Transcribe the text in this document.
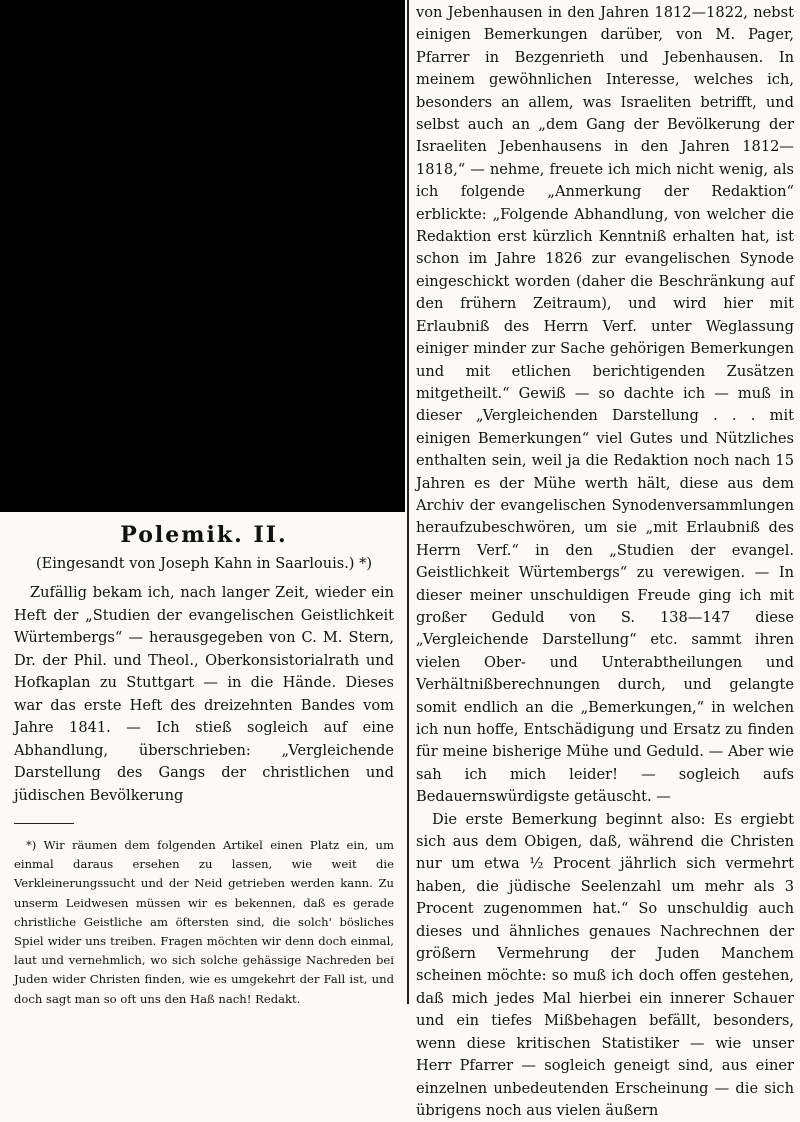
Polemik. II.
(Eingesandt von Joseph Kahn in Saarlouis.) *)

Zufällig bekam ich, nach langer Zeit, wieder ein Heft der „Studien der evangelischen Geistlichkeit Würtembergs“ — herausgegeben von C. M. Stern, Dr. der Phil. und Theol., Oberkonsistorialrath und Hofkaplan zu Stuttgart — in die Hände. Dieses war das erste Heft des dreizehnten Bandes vom Jahre 1841. — Ich stieß sogleich auf eine Abhandlung, überschrieben: „Vergleichende Darstellung des Gangs der christlichen und jüdischen Bevölkerung

*) Wir räumen dem folgenden Artikel einen Platz ein, um einmal daraus ersehen zu lassen, wie weit die Verkleinerungssucht und der Neid getrieben werden kann. Zu unserm Leidwesen müssen wir es bekennen, daß es gerade christliche Geistliche am öftersten sind, die solch' bösliches Spiel wider uns treiben. Fragen möchten wir denn doch einmal, laut und vernehmlich, wo sich solche gehässige Nachreden bei Juden wider Christen finden, wie es umgekehrt der Fall ist, und doch sagt man so oft uns den Haß nach! Redakt.

von Jebenhausen in den Jahren 1812—1822, nebst einigen Bemerkungen darüber, von M. Pager, Pfarrer in Bezgenrieth und Jebenhausen. In meinem gewöhnlichen Interesse, welches ich, besonders an allem, was Israeliten betrifft, und selbst auch an „dem Gang der Bevölkerung der Israeliten Jebenhausens in den Jahren 1812—1818,“ — nehme, freuete ich mich nicht wenig, als ich folgende „Anmerkung der Redaktion“ erblickte: „Folgende Abhandlung, von welcher die Redaktion erst kürzlich Kenntniß erhalten hat, ist schon im Jahre 1826 zur evangelischen Synode eingeschickt worden (daher die Beschränkung auf den frühern Zeitraum), und wird hier mit Erlaubniß des Herrn Verf. unter Weglassung einiger minder zur Sache gehörigen Bemerkungen und mit etlichen berichtigenden Zusätzen mitgetheilt.“ Gewiß — so dachte ich — muß in dieser „Vergleichenden Darstellung . . . mit einigen Bemerkungen“ viel Gutes und Nützliches enthalten sein, weil ja die Redaktion noch nach 15 Jahren es der Mühe werth hält, diese aus dem Archiv der evangelischen Synodenversammlungen heraufzubeschwören, um sie „mit Erlaubniß des Herrn Verf.“ in den „Studien der evangel. Geistlichkeit Würtembergs“ zu verewigen. — In dieser meiner unschuldigen Freude ging ich mit großer Geduld von S. 138—147 diese „Vergleichende Darstellung“ etc. sammt ihren vielen Ober- und Unterabtheilungen und Verhältnißberechnungen durch, und gelangte somit endlich an die „Bemerkungen,“ in welchen ich nun hoffe, Entschädigung und Ersatz zu finden für meine bisherige Mühe und Geduld. — Aber wie sah ich mich leider! — sogleich aufs Bedauernswürdigste getäuscht. —

Die erste Bemerkung beginnt also: Es ergiebt sich aus dem Obigen, daß, während die Christen nur um etwa ½ Procent jährlich sich vermehrt haben, die jüdische Seelenzahl um mehr als 3 Procent zugenommen hat.“ So unschuldig auch dieses und ähnliches genaues Nachrechnen der größern Vermehrung der Juden Manchem scheinen möchte: so muß ich doch offen gestehen, daß mich jedes Mal hierbei ein innerer Schauer und ein tiefes Mißbehagen befällt, besonders, wenn diese kritischen Statistiker — wie unser Herr Pfarrer — sogleich geneigt sind, aus einer einzelnen unbedeutenden Erscheinung — die sich übrigens noch aus vielen äußern
